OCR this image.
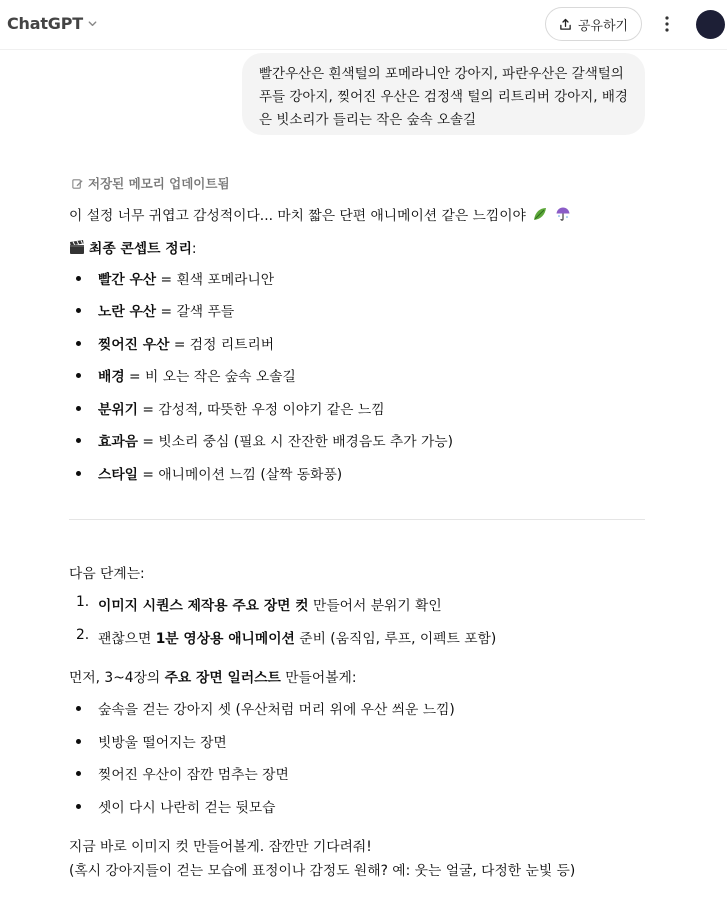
ChatGPT	공유하기
빨간우산은 흰색털의 포메라니안 강아지, 파란우산은 갈색털의 푸들 강아지, 찢어진 우산은 검정색 털의 리트리버 강아지, 배경은 빗소리가 들리는 작은 숲속 오솔길
저장된 메모리 업데이트됨
이 설정 너무 귀엽고 감성적이다... 마치 짧은 단편 애니메이션 같은 느낌이야
최종 콘셉트 정리:
빨간 우산 = 흰색 포메라니안
노란 우산 = 갈색 푸들
찢어진 우산 = 검정 리트리버
배경 = 비 오는 작은 숲속 오솔길
분위기 = 감성적, 따뜻한 우정 이야기 같은 느낌
효과음 = 빗소리 중심 (필요 시 잔잔한 배경음도 추가 가능)
스타일 = 애니메이션 느낌 (살짝 동화풍)
다음 단계는:
1. 이미지 시퀀스 제작용 주요 장면 컷 만들어서 분위기 확인
2. 괜찮으면 1분 영상용 애니메이션 준비 (움직임, 루프, 이펙트 포함)
먼저, 3~4장의 주요 장면 일러스트 만들어볼게:
숲속을 걷는 강아지 셋 (우산처럼 머리 위에 우산 씌운 느낌)
빗방울 떨어지는 장면
찢어진 우산이 잠깐 멈추는 장면
셋이 다시 나란히 걷는 뒷모습
지금 바로 이미지 컷 만들어볼게. 잠깐만 기다려줘!
(혹시 강아지들이 걷는 모습에 표정이나 감정도 원해? 예: 웃는 얼굴, 다정한 눈빛 등)
